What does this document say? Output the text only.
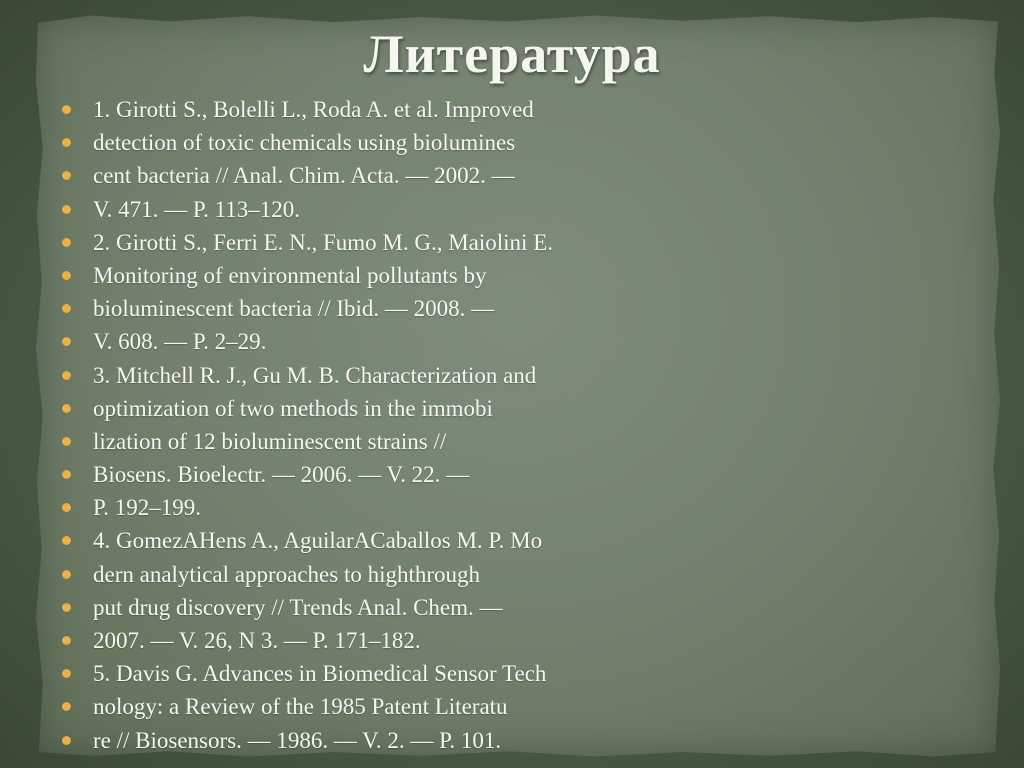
Литература
1. Girotti S., Bolelli L., Roda A. et al. Improved
detection of toxic chemicals using biolumines
cent bacteria // Anal. Chim. Acta. — 2002. —
V. 471. — P. 113–120.
2. Girotti S., Ferri E. N., Fumo M. G., Maiolini E.
Monitoring of environmental pollutants by
bioluminescent bacteria // Ibid. — 2008. —
V. 608. — P. 2–29.
3. Mitchell R. J., Gu M. B. Characterization and
optimization of two methods in the immobi
lization of 12 bioluminescent strains //
Biosens. Bioelectr. — 2006. — V. 22. —
P. 192–199.
4. GomezAHens A., AguilarACaballos M. P. Mo
dern analytical approaches to highthrough
put drug discovery // Trends Anal. Chem. —
2007. — V. 26, N 3. — P. 171–182.
5. Davis G. Advances in Biomedical Sensor Tech
nology: a Review of the 1985 Patent Literatu
re // Biosensors. — 1986. — V. 2. — P. 101.
